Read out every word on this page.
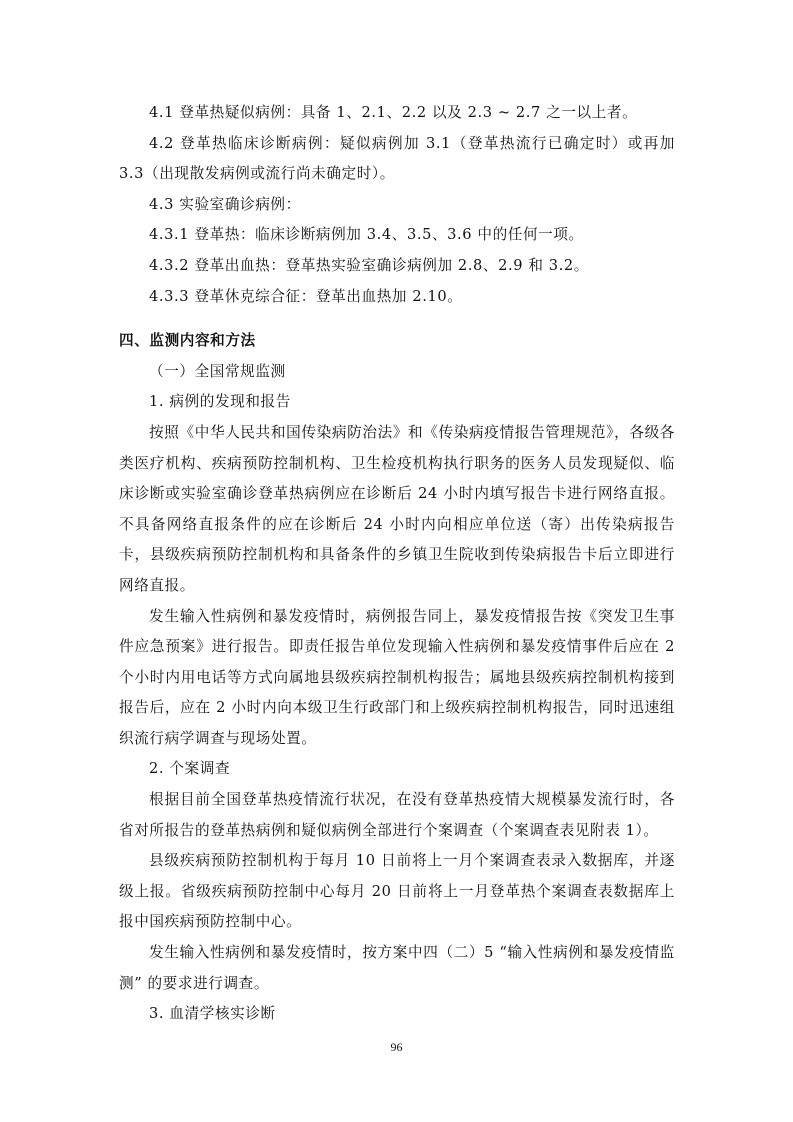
4.1 登革热疑似病例：具备 1、2.1、2.2 以及 2.3 ~ 2.7 之一以上者。

4.2 登革热临床诊断病例：疑似病例加 3.1（登革热流行已确定时）或再加 3.3（出现散发病例或流行尚未确定时）。

4.3 实验室确诊病例：

4.3.1 登革热：临床诊断病例加 3.4、3.5、3.6 中的任何一项。

4.3.2 登革出血热：登革热实验室确诊病例加 2.8、2.9 和 3.2。

4.3.3 登革休克综合征：登革出血热加 2.10。

四、监测内容和方法

（一）全国常规监测

1. 病例的发现和报告

按照《中华人民共和国传染病防治法》和《传染病疫情报告管理规范》，各级各类医疗机构、疾病预防控制机构、卫生检疫机构执行职务的医务人员发现疑似、临床诊断或实验室确诊登革热病例应在诊断后 24 小时内填写报告卡进行网络直报。不具备网络直报条件的应在诊断后 24 小时内向相应单位送（寄）出传染病报告卡，县级疾病预防控制机构和具备条件的乡镇卫生院收到传染病报告卡后立即进行网络直报。

发生输入性病例和暴发疫情时，病例报告同上，暴发疫情报告按《突发卫生事件应急预案》进行报告。即责任报告单位发现输入性病例和暴发疫情事件后应在 2 个小时内用电话等方式向属地县级疾病控制机构报告；属地县级疾病控制机构接到报告后，应在 2 小时内向本级卫生行政部门和上级疾病控制机构报告，同时迅速组织流行病学调查与现场处置。

2. 个案调查

根据目前全国登革热疫情流行状况，在没有登革热疫情大规模暴发流行时，各省对所报告的登革热病例和疑似病例全部进行个案调查（个案调查表见附表 1）。

县级疾病预防控制机构于每月 10 日前将上一月个案调查表录入数据库，并逐级上报。省级疾病预防控制中心每月 20 日前将上一月登革热个案调查表数据库上报中国疾病预防控制中心。

发生输入性病例和暴发疫情时，按方案中四（二）5 “输入性病例和暴发疫情监测” 的要求进行调查。

3. 血清学核实诊断

96
